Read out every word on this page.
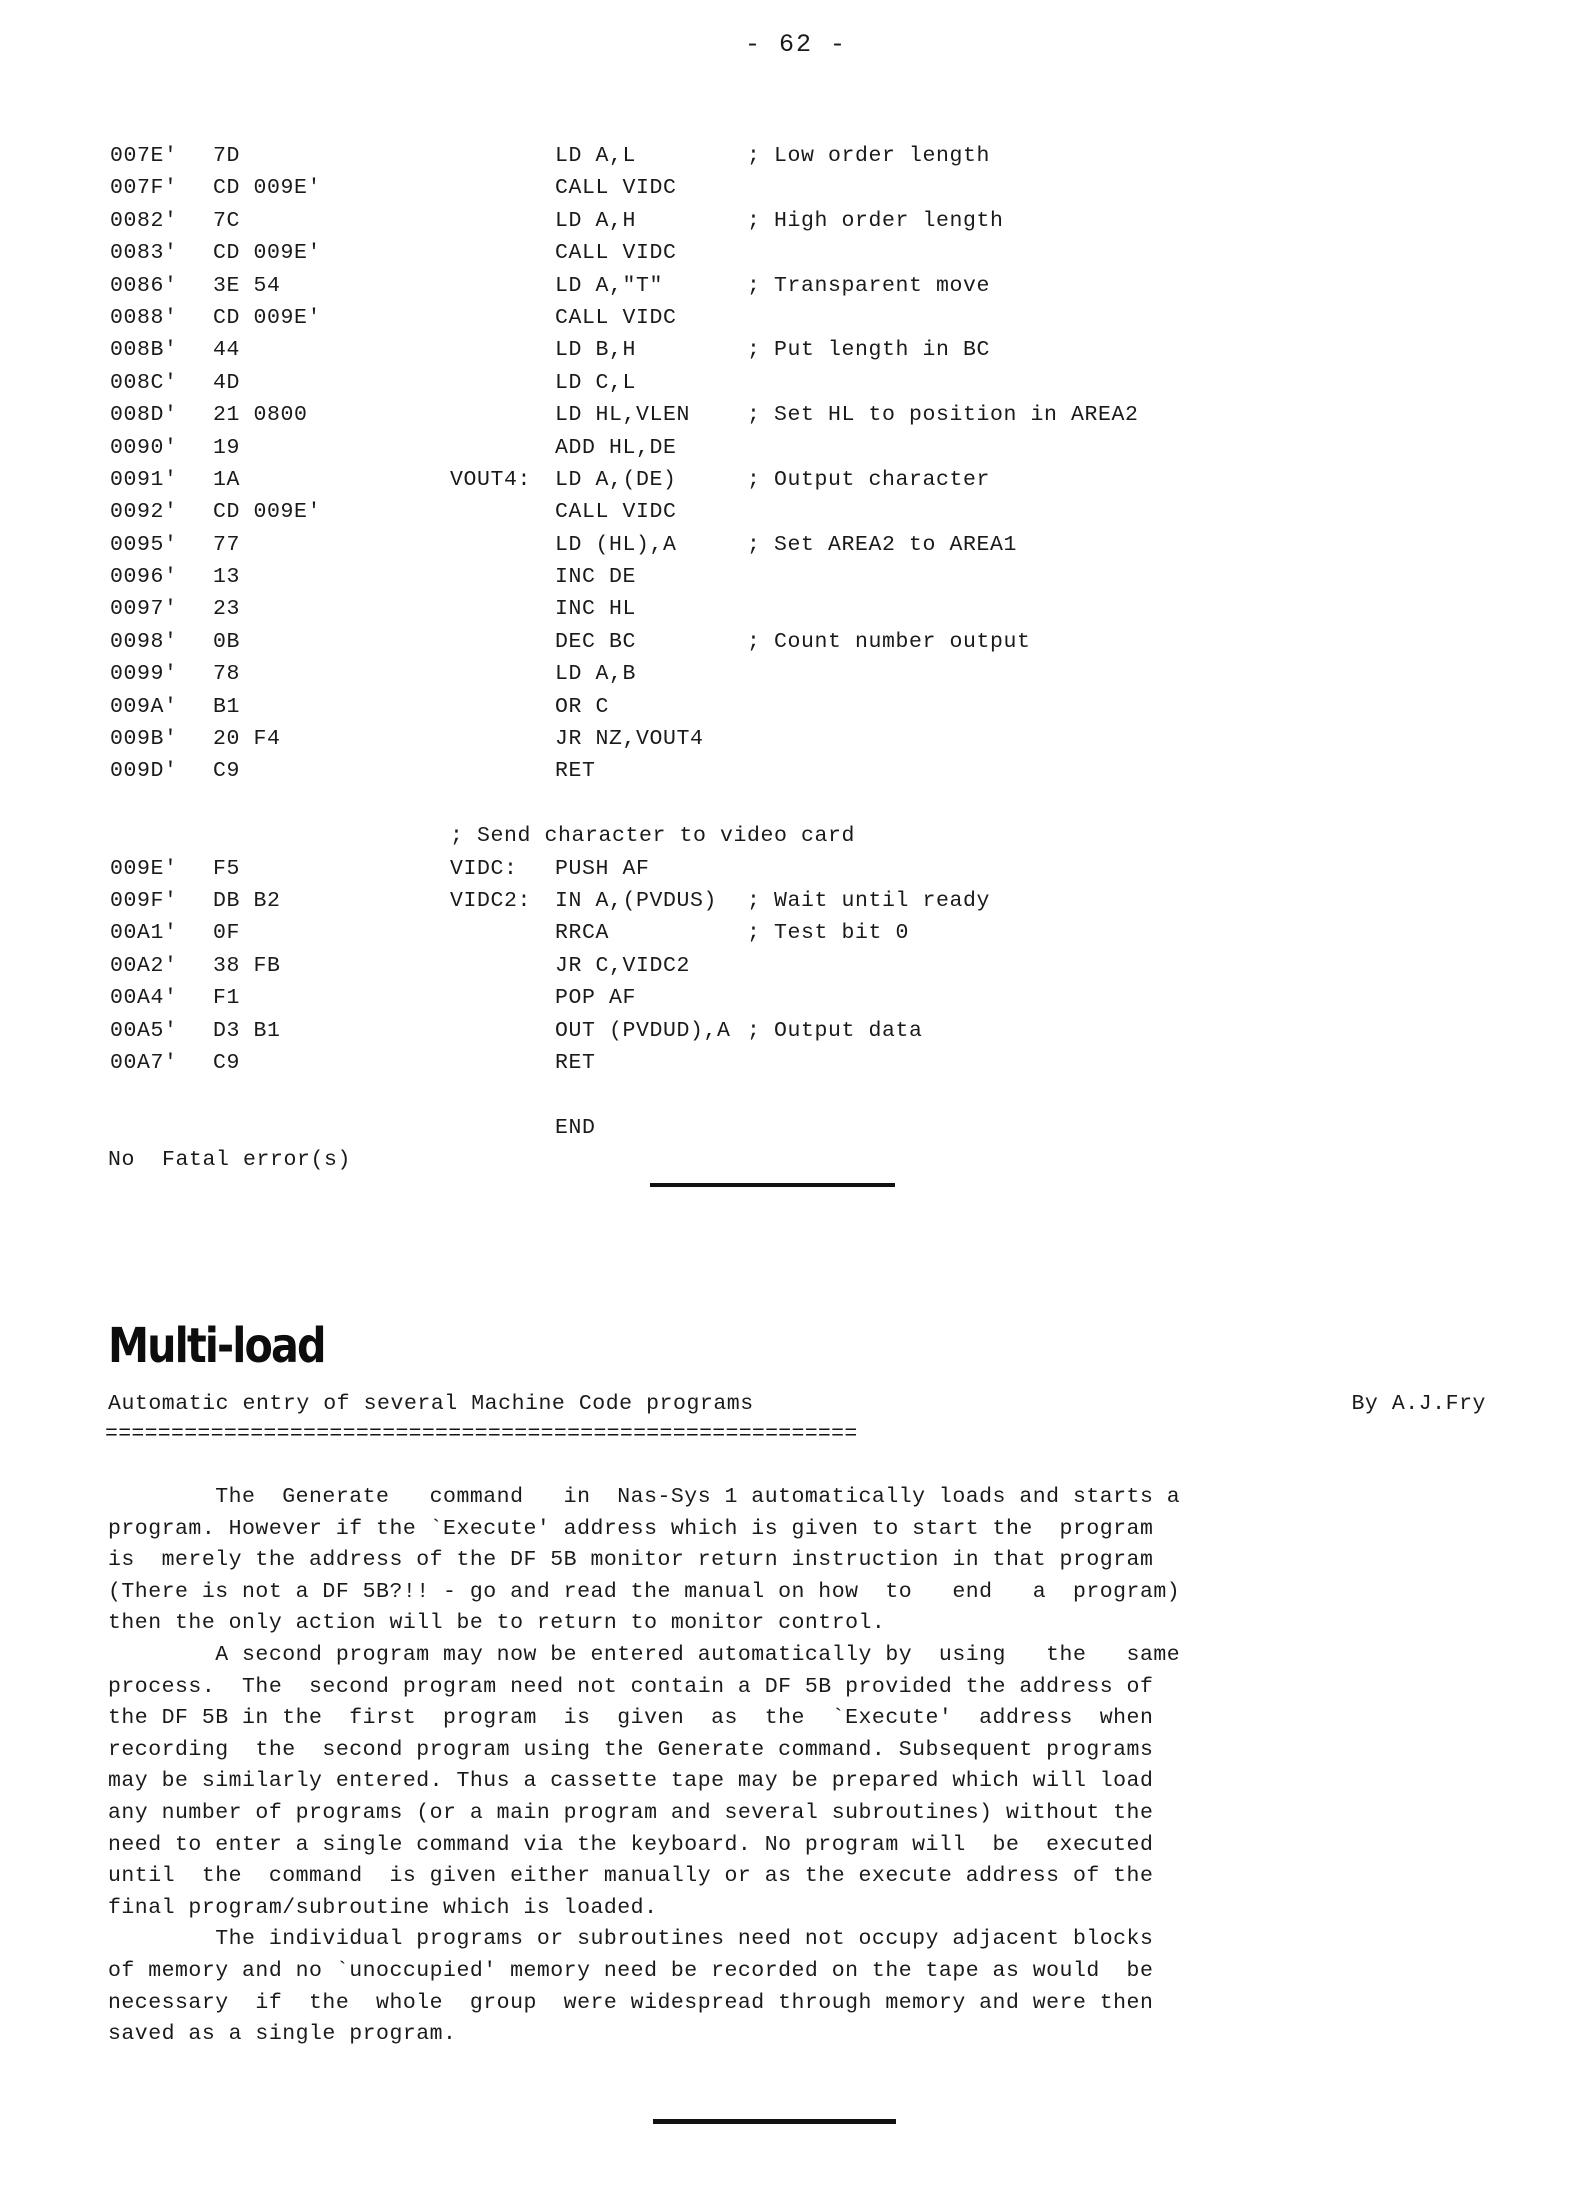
- 62 -
007E'	7D	LD A,L	; Low order length
007F'	CD 009E'	CALL VIDC
0082'	7C	LD A,H	; High order length
0083'	CD 009E'	CALL VIDC
0086'	3E 54	LD A,"T"	; Transparent move
0088'	CD 009E'	CALL VIDC
008B'	44	LD B,H	; Put length in BC
008C'	4D	LD C,L
008D'	21 0800	LD HL,VLEN	; Set HL to position in AREA2
0090'	19	ADD HL,DE
0091'	1A	VOUT4:	LD A,(DE)	; Output character
0092'	CD 009E'	CALL VIDC
0095'	77	LD (HL),A	; Set AREA2 to AREA1
0096'	13	INC DE
0097'	23	INC HL
0098'	0B	DEC BC	; Count number output
0099'	78	LD A,B
009A'	B1	OR C
009B'	20 F4	JR NZ,VOUT4
009D'	C9	RET
; Send character to video card
009E'	F5	VIDC:	PUSH AF
009F'	DB B2	VIDC2:	IN A,(PVDUS)	; Wait until ready
00A1'	0F	RRCA	; Test bit 0
00A2'	38 FB	JR C,VIDC2
00A4'	F1	POP AF
00A5'	D3 B1	OUT (PVDUD),A ; Output data
00A7'	C9	RET
END
No  Fatal error(s)
Multi-load

Automatic entry of several Machine Code programs

	By A.J.Fry

=========================================================
The  Generate   command   in  Nas-Sys 1 automatically loads and starts a
program. However if the `Execute' address which is given to start the  program
is  merely the address of the DF 5B monitor return instruction in that program
(There is not a DF 5B?!! - go and read the manual on how  to   end   a  program)
then the only action will be to return to monitor control.
A second program may now be entered automatically by  using   the   same
process.  The  second program need not contain a DF 5B provided the address of
the DF 5B in the  first  program  is  given  as  the  `Execute'  address  when
recording  the  second program using the Generate command. Subsequent programs
may be similarly entered. Thus a cassette tape may be prepared which will load
any number of programs (or a main program and several subroutines) without the
need to enter a single command via the keyboard. No program will  be  executed
until  the  command  is given either manually or as the execute address of the
final program/subroutine which is loaded.
The individual programs or subroutines need not occupy adjacent blocks
of memory and no `unoccupied' memory need be recorded on the tape as would  be
necessary  if  the  whole  group  were widespread through memory and were then
saved as a single program.
